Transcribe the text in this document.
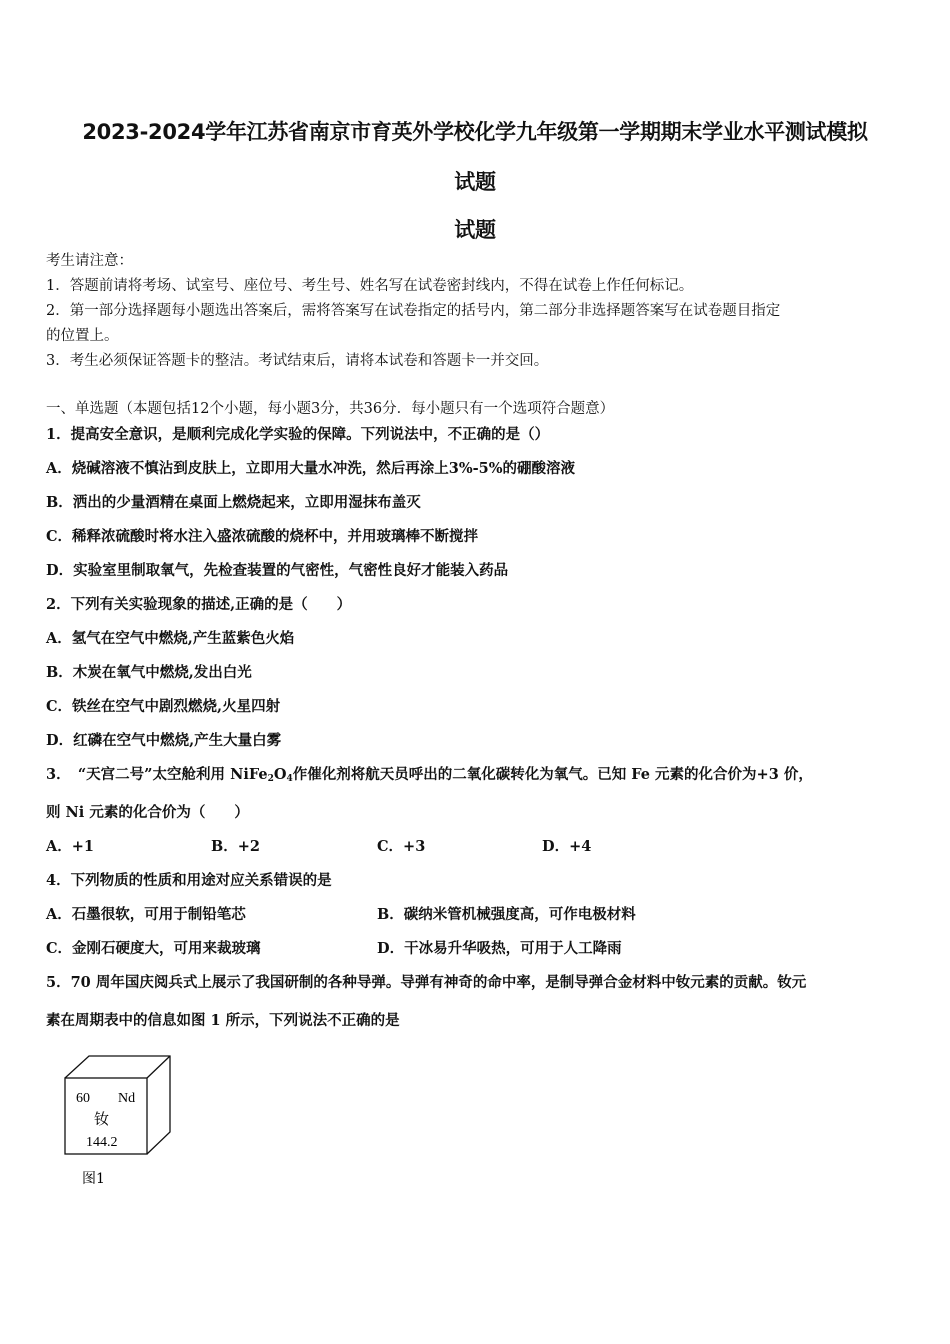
2023-2024学年江苏省南京市育英外学校化学九年级第一学期期末学业水平测试模拟
试题
试题
考生请注意：
1．答题前请将考场、试室号、座位号、考生号、姓名写在试卷密封线内，不得在试卷上作任何标记。
2．第一部分选择题每小题选出答案后，需将答案写在试卷指定的括号内，第二部分非选择题答案写在试卷题目指定
的位置上。
3．考生必须保证答题卡的整洁。考试结束后，请将本试卷和答题卡一并交回。
一、单选题（本题包括12个小题，每小题3分，共36分．每小题只有一个选项符合题意）
1．提高安全意识，是顺利完成化学实验的保障。下列说法中，不正确的是（）
A．烧碱溶液不慎沾到皮肤上，立即用大量水冲洗，然后再涂上3%-5%的硼酸溶液
B．洒出的少量酒精在桌面上燃烧起来，立即用湿抹布盖灭
C．稀释浓硫酸时将水注入盛浓硫酸的烧杯中，并用玻璃棒不断搅拌
D．实验室里制取氧气，先检查装置的气密性，气密性良好才能装入药品
2．下列有关实验现象的描述,正确的是（　　）
A．氢气在空气中燃烧,产生蓝紫色火焰
B．木炭在氧气中燃烧,发出白光
C．铁丝在空气中剧烈燃烧,火星四射
D．红磷在空气中燃烧,产生大量白雾
3．　“天宫二号”太空舱利用 $NiFe_2O_4$作催化剂将航天员呼出的二氧化碳转化为氧气。已知 Fe 元素的化合价为+3 价，
则 Ni 元素的化合价为（　　）
A．+1	B．+2	C．+3	D．+4
4．下列物质的性质和用途对应关系错误的是
A．石墨很软，可用于制铅笔芯	B．碳纳米管机械强度高，可作电极材料
C．金刚石硬度大，可用来裁玻璃	D．干冰易升华吸热，可用于人工降雨
5．70 周年国庆阅兵式上展示了我国研制的各种导弹。导弹有神奇的命中率，是制导弹合金材料中钕元素的贡献。钕元
素在周期表中的信息如图 1 所示，下列说法不正确的是
60 Nd
钕
144.2
图1
